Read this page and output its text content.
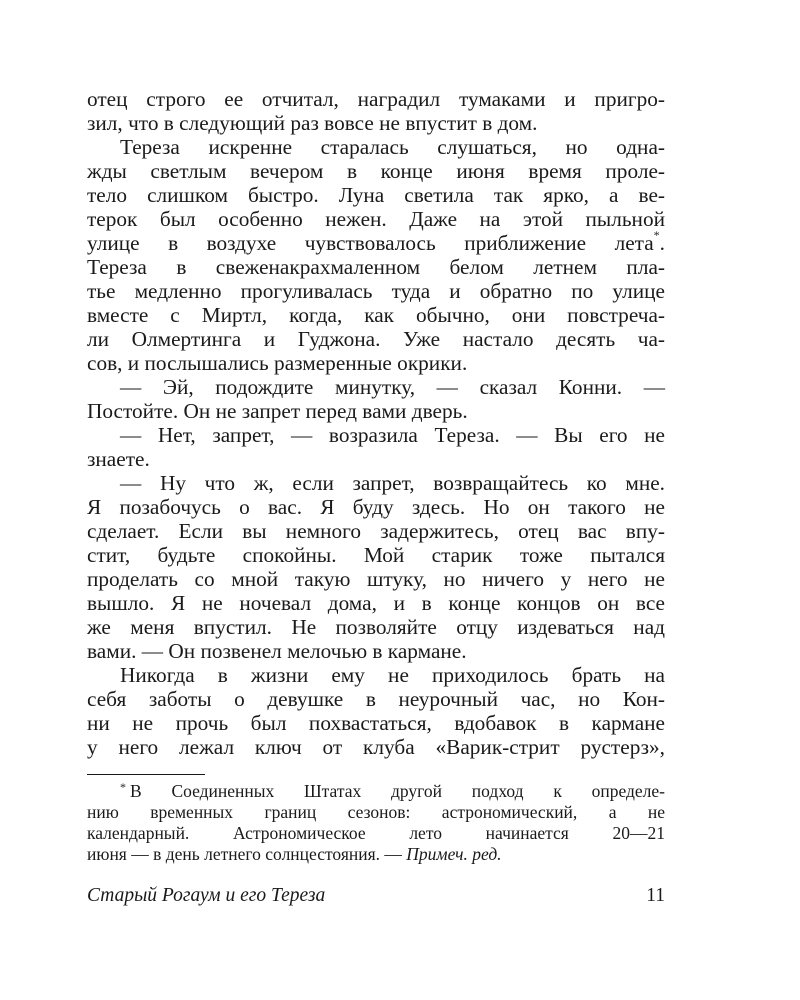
отец строго ее отчитал, наградил тумаками и пригро-
зил, что в следующий раз вовсе не впустит в дом.
Тереза искренне старалась слушаться, но одна-
жды светлым вечером в конце июня время проле-
тело слишком быстро. Луна светила так ярко, а ве-
терок был особенно нежен. Даже на этой пыльной
улице в воздухе чувствовалось приближение лета*.
Тереза в свеженакрахмаленном белом летнем пла-
тье медленно прогуливалась туда и обратно по улице
вместе с Миртл, когда, как обычно, они повстреча-
ли Олмертинга и Гуджона. Уже настало десять ча-
сов, и послышались размеренные окрики.
— Эй, подождите минутку, — сказал Конни. —
Постойте. Он не запрет перед вами дверь.
— Нет, запрет, — возразила Тереза. — Вы его не
знаете.
— Ну что ж, если запрет, возвращайтесь ко мне.
Я позабочусь о вас. Я буду здесь. Но он такого не
сделает. Если вы немного задержитесь, отец вас впу-
стит, будьте спокойны. Мой старик тоже пытался
проделать со мной такую штуку, но ничего у него не
вышло. Я не ночевал дома, и в конце концов он все
же меня впустил. Не позволяйте отцу издеваться над
вами. — Он позвенел мелочью в кармане.
Никогда в жизни ему не приходилось брать на
себя заботы о девушке в неурочный час, но Кон-
ни не прочь был похвастаться, вдобавок в кармане
у него лежал ключ от клуба «Варик-стрит рустерз»,
* В Соединенных Штатах другой подход к определе-
нию временных границ сезонов: астрономический, а не
календарный. Астрономическое лето начинается 20—21
июня — в день летнего солнцестояния. — Примеч. ред.
Старый Рогаум и его Тереза	11
